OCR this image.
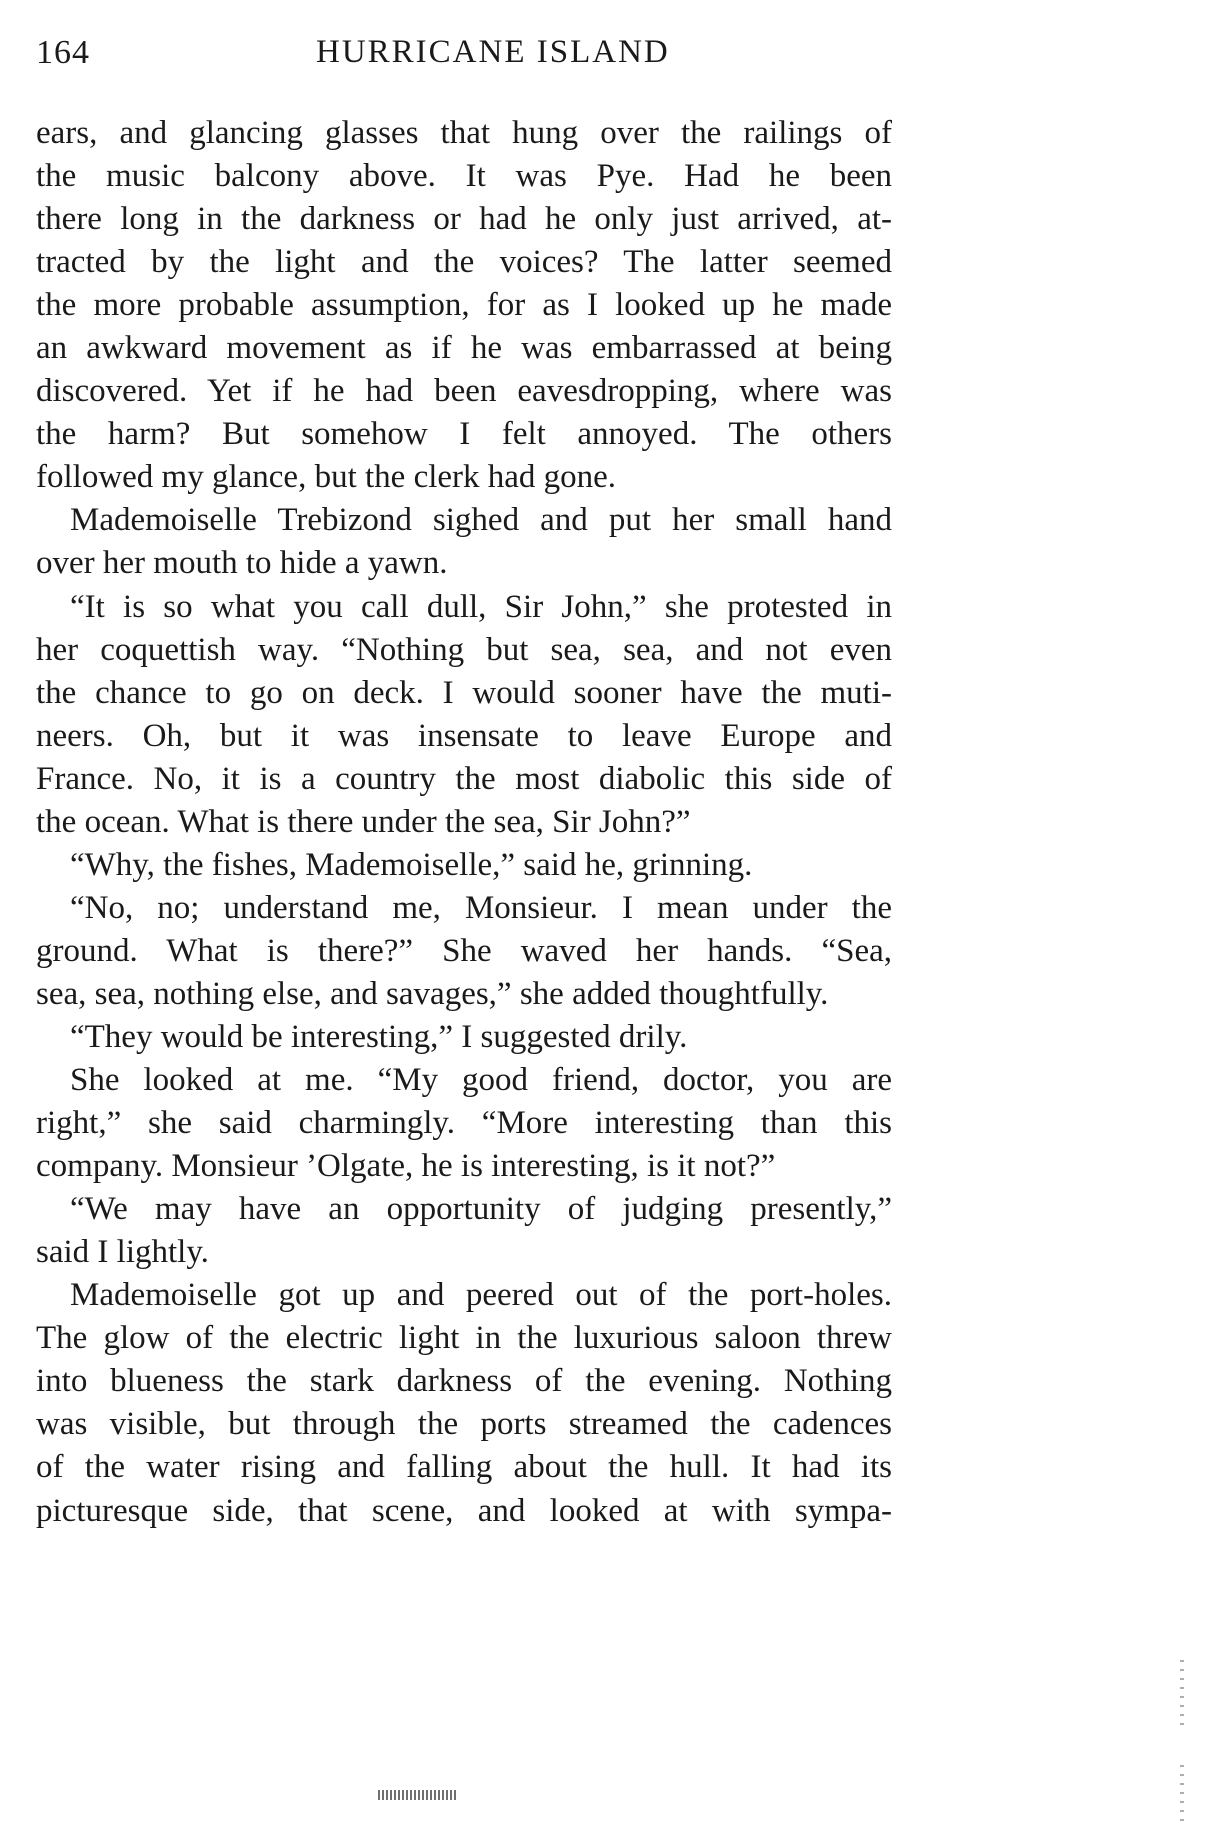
164	HURRICANE ISLAND
ears, and glancing glasses that hung over the railings of
the music balcony above. It was Pye. Had he been
there long in the darkness or had he only just arrived, at-
tracted by the light and the voices? The latter seemed
the more probable assumption, for as I looked up he made
an awkward movement as if he was embarrassed at being
discovered. Yet if he had been eavesdropping, where was
the harm? But somehow I felt annoyed. The others
followed my glance, but the clerk had gone.
Mademoiselle Trebizond sighed and put her small hand
over her mouth to hide a yawn.
“It is so what you call dull, Sir John,” she protested in
her coquettish way. “Nothing but sea, sea, and not even
the chance to go on deck. I would sooner have the muti-
neers. Oh, but it was insensate to leave Europe and
France. No, it is a country the most diabolic this side of
the ocean. What is there under the sea, Sir John?”
“Why, the fishes, Mademoiselle,” said he, grinning.
“No, no; understand me, Monsieur. I mean under the
ground. What is there?” She waved her hands. “Sea,
sea, sea, nothing else, and savages,” she added thoughtfully.
“They would be interesting,” I suggested drily.
She looked at me. “My good friend, doctor, you are
right,” she said charmingly. “More interesting than this
company. Monsieur ’Olgate, he is interesting, is it not?”
“We may have an opportunity of judging presently,”
said I lightly.
Mademoiselle got up and peered out of the port-holes.
The glow of the electric light in the luxurious saloon threw
into blueness the stark darkness of the evening. Nothing
was visible, but through the ports streamed the cadences
of the water rising and falling about the hull. It had its
picturesque side, that scene, and looked at with sympa-
